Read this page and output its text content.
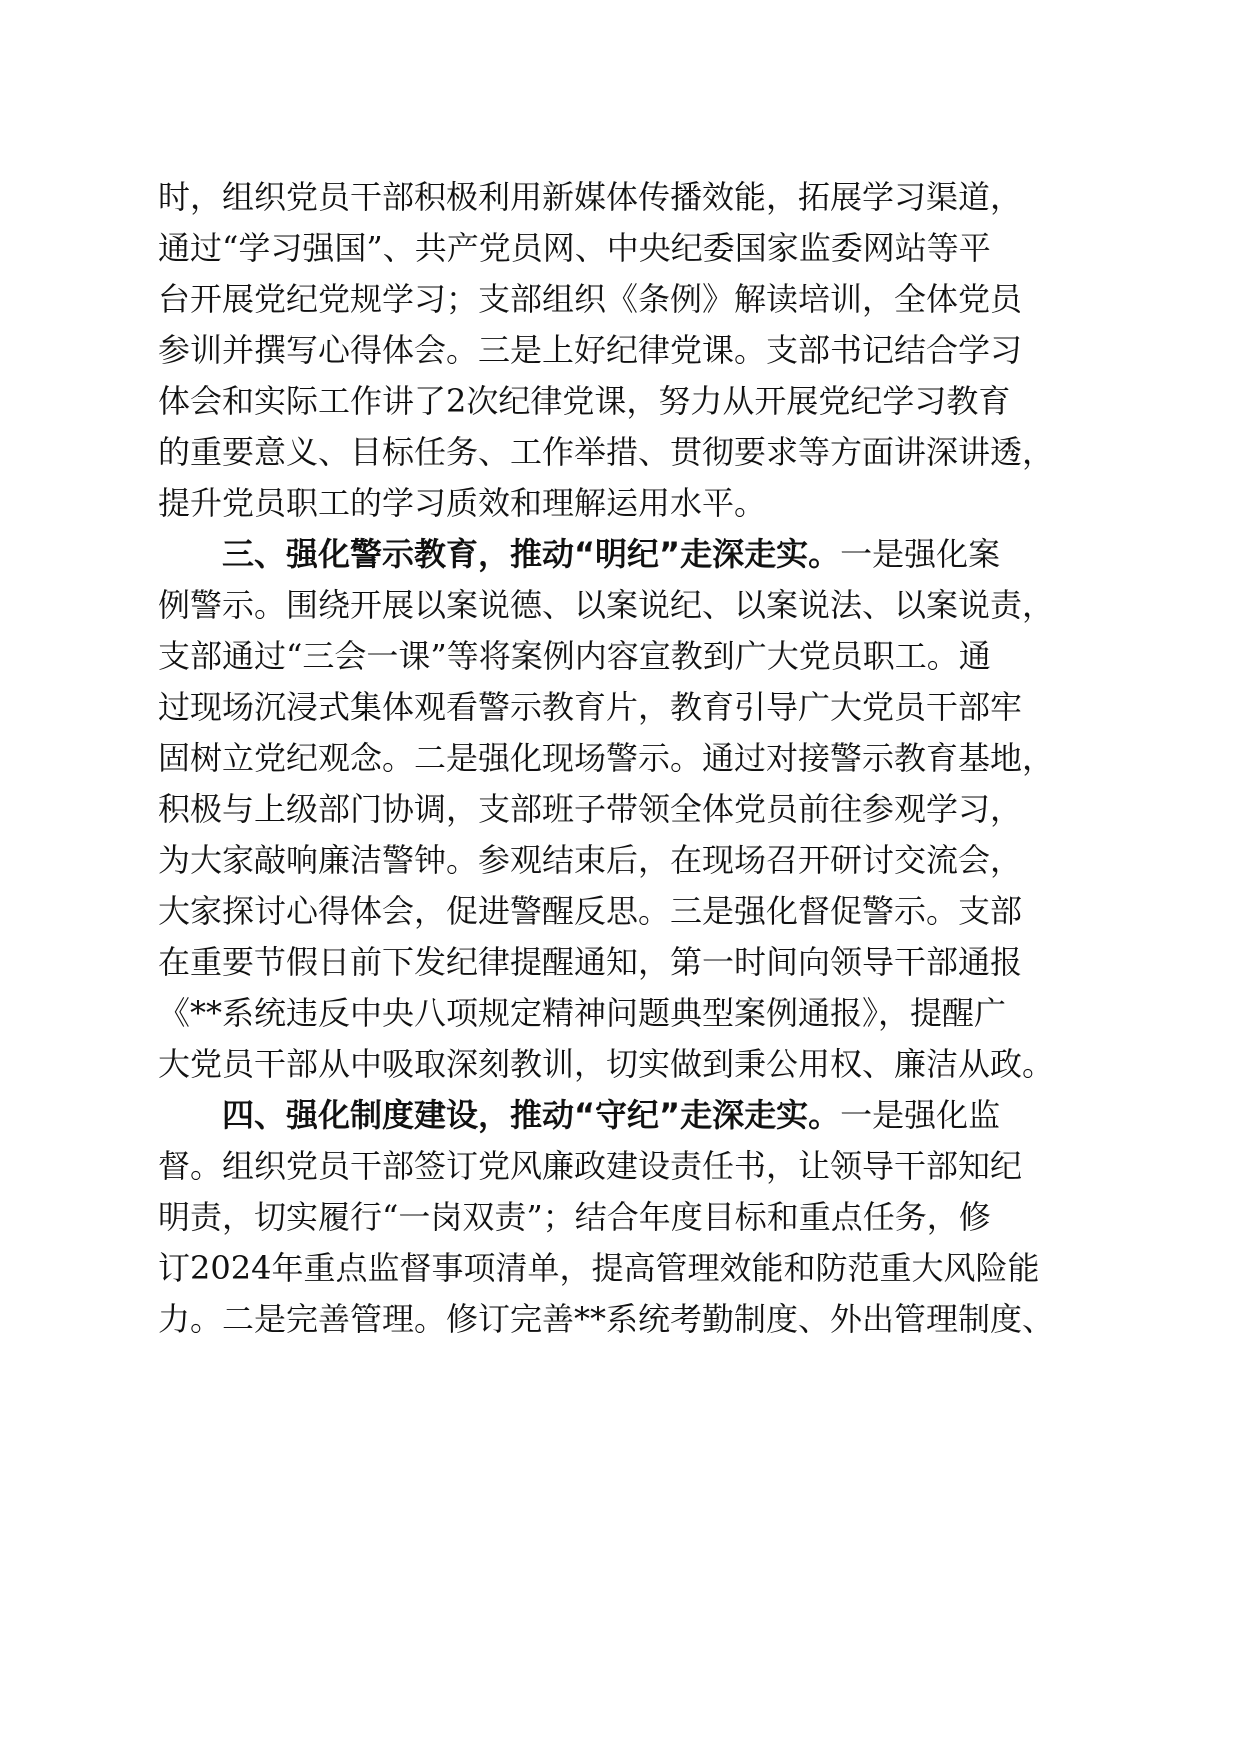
时，组织党员干部积极利用新媒体传播效能，拓展学习渠道，
通过“学习强国”、共产党员网、中央纪委国家监委网站等平
台开展党纪党规学习；支部组织《条例》解读培训，全体党员
参训并撰写心得体会。三是上好纪律党课。支部书记结合学习
体会和实际工作讲了2次纪律党课，努力从开展党纪学习教育
的重要意义、目标任务、工作举措、贯彻要求等方面讲深讲透，
提升党员职工的学习质效和理解运用水平。
三、强化警示教育，推动“明纪”走深走实。一是强化案
例警示。围绕开展以案说德、以案说纪、以案说法、以案说责，
支部通过“三会一课”等将案例内容宣教到广大党员职工。通
过现场沉浸式集体观看警示教育片，教育引导广大党员干部牢
固树立党纪观念。二是强化现场警示。通过对接警示教育基地，
积极与上级部门协调，支部班子带领全体党员前往参观学习，
为大家敲响廉洁警钟。参观结束后，在现场召开研讨交流会，
大家探讨心得体会，促进警醒反思。三是强化督促警示。支部
在重要节假日前下发纪律提醒通知，第一时间向领导干部通报
《**系统违反中央八项规定精神问题典型案例通报》，提醒广
大党员干部从中吸取深刻教训，切实做到秉公用权、廉洁从政。
四、强化制度建设，推动“守纪”走深走实。一是强化监
督。组织党员干部签订党风廉政建设责任书，让领导干部知纪
明责，切实履行“一岗双责”；结合年度目标和重点任务，修
订2024年重点监督事项清单，提高管理效能和防范重大风险能
力。二是完善管理。修订完善**系统考勤制度、外出管理制度、
